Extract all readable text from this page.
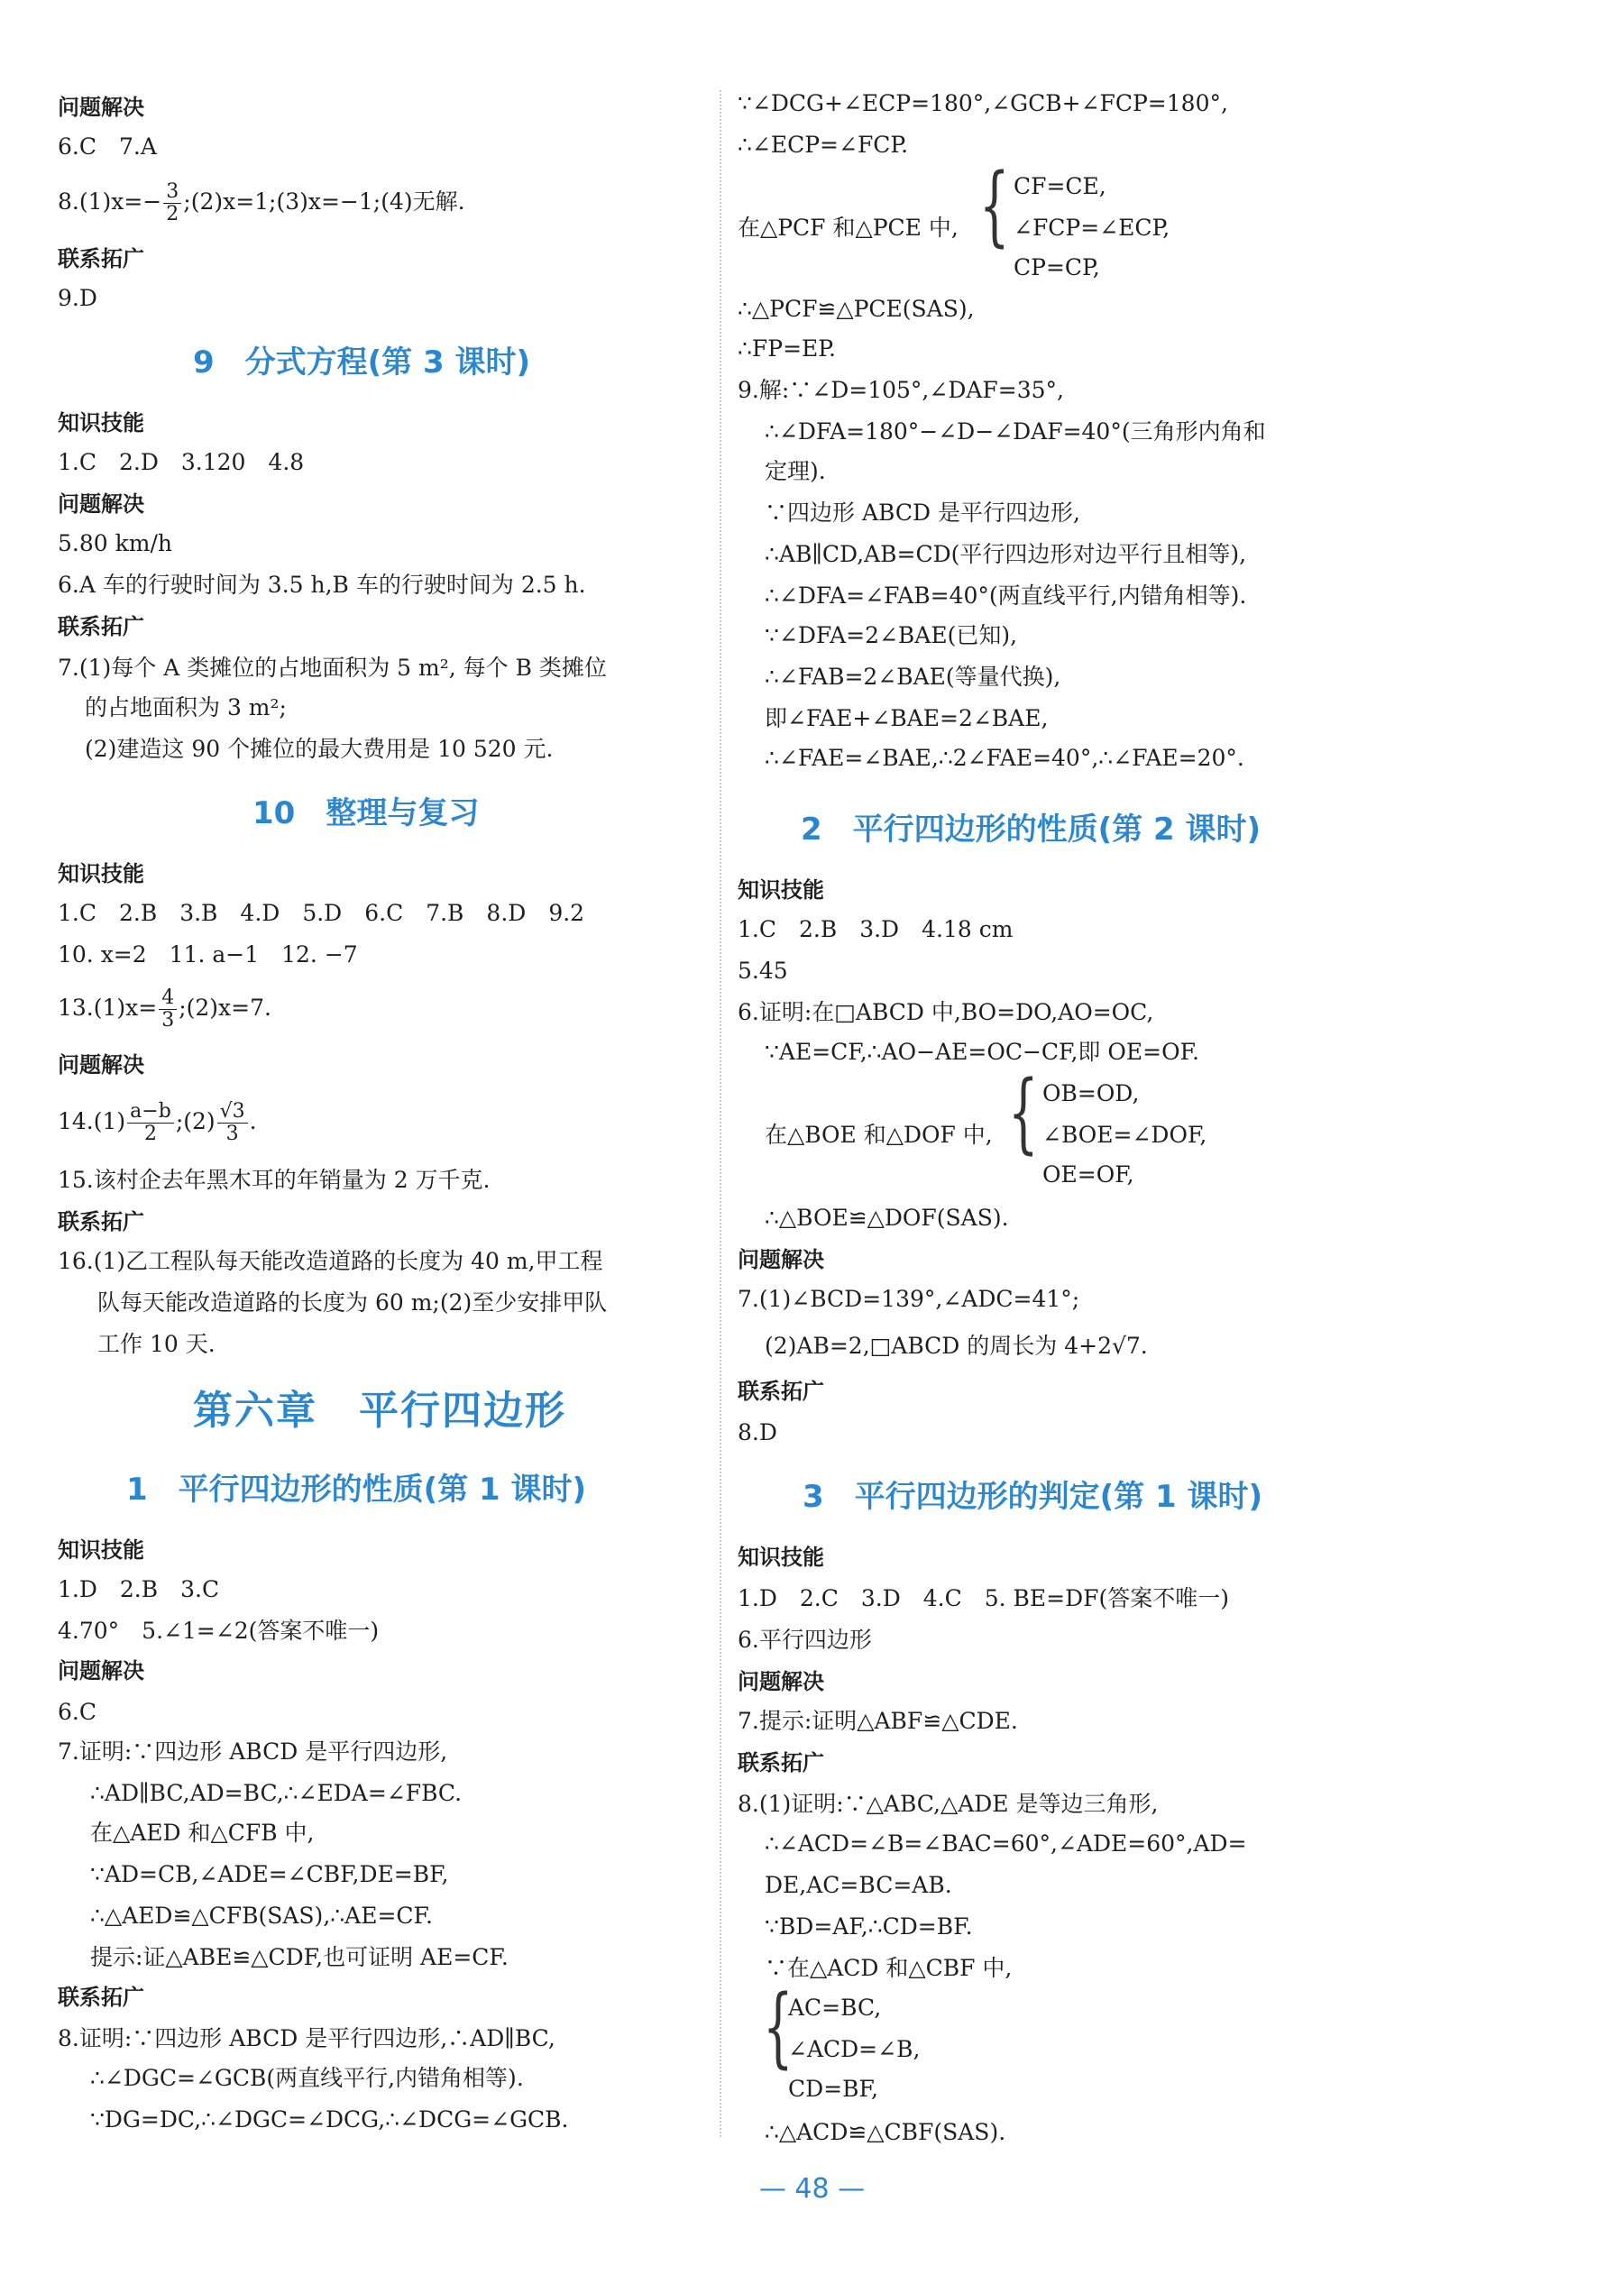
问题解决
6.C　7.A
$8.(1)x=- \frac{3}{2}$ ;(2)x=1;(3)x=−1;(4)无解.
联系拓广
9.D
9　分式方程(第 3 课时)
知识技能
1.C　2.D　3.120　4.8
问题解决
5.80 km/h
6.A 车的行驶时间为 3.5 h,B 车的行驶时间为 2.5 h.
联系拓广
7.(1)每个 A 类摊位的占地面积为 5 m², 每个 B 类摊位
的占地面积为 3 m²;
(2)建造这 90 个摊位的最大费用是 10 520 元.
10　整理与复习
知识技能
1.C　2.B　3.B　4.D　5.D　6.C　7.B　8.D　9.2
10. x=2　11. a−1　12. −7
$13.(1)x= \frac{4}{3}$ ;(2)x=7.
问题解决
$14.(1) \frac{a-b}{2}$ ;(2) $\frac{√3}{3}$ .
15.该村企去年黑木耳的年销量为 2 万千克.
联系拓广
16.(1)乙工程队每天能改造道路的长度为 40 m,甲工程
队每天能改造道路的长度为 60 m;(2)至少安排甲队
工作 10 天.
第六章　平行四边形
1　平行四边形的性质(第 1 课时)
知识技能
1.D　2.B　3.C
4.70°　5.∠1=∠2(答案不唯一)
问题解决
6.C
7.证明:∵四边形 ABCD 是平行四边形,
∴AD∥BC,AD=BC,∴∠EDA=∠FBC.
在△AED 和△CFB 中,
∵AD=CB,∠ADE=∠CBF,DE=BF,
∴△AED≌△CFB(SAS),∴AE=CF.
提示:证△ABE≌△CDF,也可证明 AE=CF.
联系拓广
8.证明:∵四边形 ABCD 是平行四边形,∴AD∥BC,
∴∠DGC=∠GCB(两直线平行,内错角相等).
∵DG=DC,∴∠DGC=∠DCG,∴∠DCG=∠GCB.
∵∠DCG+∠ECP=180°,∠GCB+∠FCP=180°,
∴∠ECP=∠FCP.
在△PCF 和△PCE 中, { CF=CE,
∠FCP=∠ECP,
CP=CP,
∴△PCF≌△PCE(SAS),
∴FP=EP.
9.解:∵∠D=105°,∠DAF=35°,
∴∠DFA=180°−∠D−∠DAF=40°(三角形内角和
定理).
∵四边形 ABCD 是平行四边形,
∴AB∥CD,AB=CD(平行四边形对边平行且相等),
∴∠DFA=∠FAB=40°(两直线平行,内错角相等).
∵∠DFA=2∠BAE(已知),
∴∠FAB=2∠BAE(等量代换),
即∠FAE+∠BAE=2∠BAE,
∴∠FAE=∠BAE,∴2∠FAE=40°,∴∠FAE=20°.
2　平行四边形的性质(第 2 课时)
知识技能
1.C　2.B　3.D　4.18 cm
5.45
6.证明:在□ABCD 中,BO=DO,AO=OC,
∵AE=CF,∴AO−AE=OC−CF,即 OE=OF.
在△BOE 和△DOF 中, { OB=OD,
∠BOE=∠DOF,
OE=OF,
∴△BOE≌△DOF(SAS).
问题解决
7.(1)∠BCD=139°,∠ADC=41°;
(2)AB=2,□ABCD 的周长为 4+2√7.
联系拓广
8.D
3　平行四边形的判定(第 1 课时)
知识技能
1.D　2.C　3.D　4.C　5. BE=DF(答案不唯一)
6.平行四边形
问题解决
7.提示:证明△ABF≌△CDE.
联系拓广
8.(1)证明:∵△ABC,△ADE 是等边三角形,
∴∠ACD=∠B=∠BAC=60°,∠ADE=60°,AD=
DE,AC=BC=AB.
∵BD=AF,∴CD=BF.
∵在△ACD 和△CBF 中,
{
AC=BC,
∠ACD=∠B,
CD=BF,
∴△ACD≌△CBF(SAS).
— 48 —
